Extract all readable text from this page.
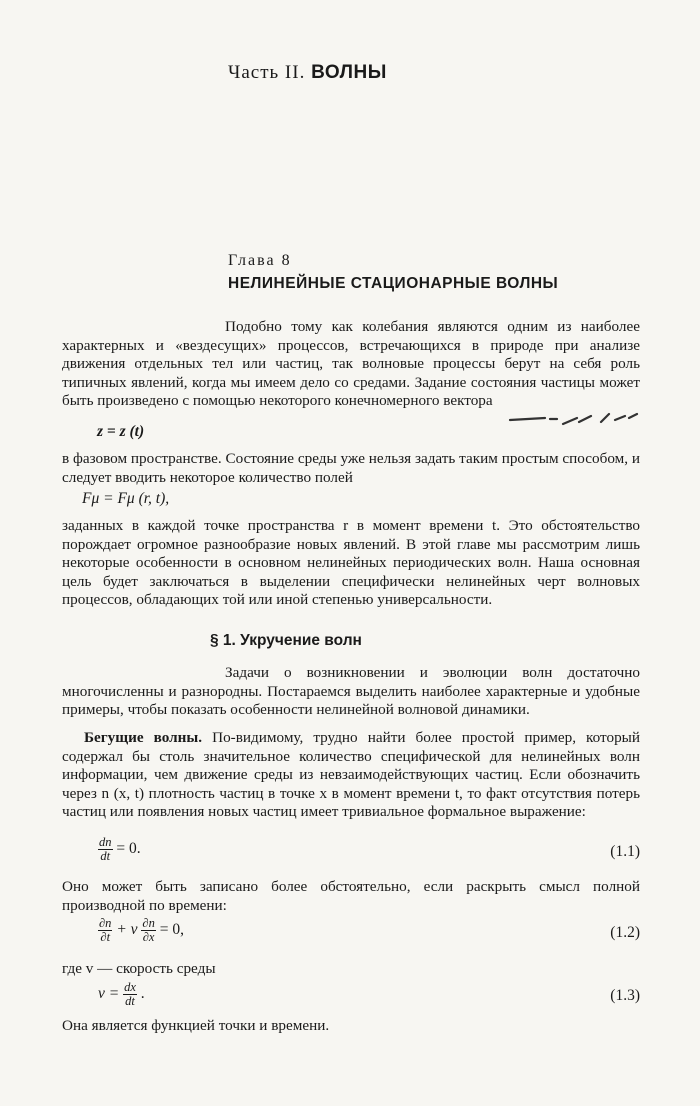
Часть II. ВОЛНЫ
Глава 8
НЕЛИНЕЙНЫЕ СТАЦИОНАРНЫЕ ВОЛНЫ
Подобно тому как колебания являются одним из наиболее характерных и «вездесущих» процессов, встречающихся в природе при анализе движения отдельных тел или частиц, так волновые процессы берут на себя роль типичных явлений, когда мы имеем дело со средами. Задание состояния частицы может быть произведено с помощью некоторого конечномерного вектора
z = z (t)
в фазовом пространстве. Состояние среды уже нельзя задать таким простым способом, и следует вводить некоторое количество полей
Fμ = Fμ (r, t),
заданных в каждой точке пространства r в момент времени t. Это обстоятельство порождает огромное разнообразие новых явлений. В этой главе мы рассмотрим лишь некоторые особенности в основном нелинейных периодических волн. Наша основная цель будет заключаться в выделении специфически нелинейных черт волновых процессов, обладающих той или иной степенью универсальности.
§ 1. Укручение волн
Задачи о возникновении и эволюции волн достаточно многочисленны и разнородны. Постараемся выделить наиболее характерные и удобные примеры, чтобы показать особенности нелинейной волновой динамики.
Бегущие волны. По-видимому, трудно найти более простой пример, который содержал бы столь значительное количество специфической для нелинейных волн информации, чем движение среды из невзаимодействующих частиц. Если обозначить через n (x, t) плотность частиц в точке x в момент времени t, то факт отсутствия потерь частиц или появления новых частиц имеет тривиальное формальное выражение:
$\frac{dn}{dt} = 0$.	(1.1)
Оно может быть записано более обстоятельно, если раскрыть смысл полной производной по времени:
$\frac{\partial n}{\partial t} + v \frac{\partial n}{\partial x} = 0$,	(1.2)
где v — скорость среды
$v = \frac{dx}{dt}$ .	(1.3)
Она является функцией точки и времени.
